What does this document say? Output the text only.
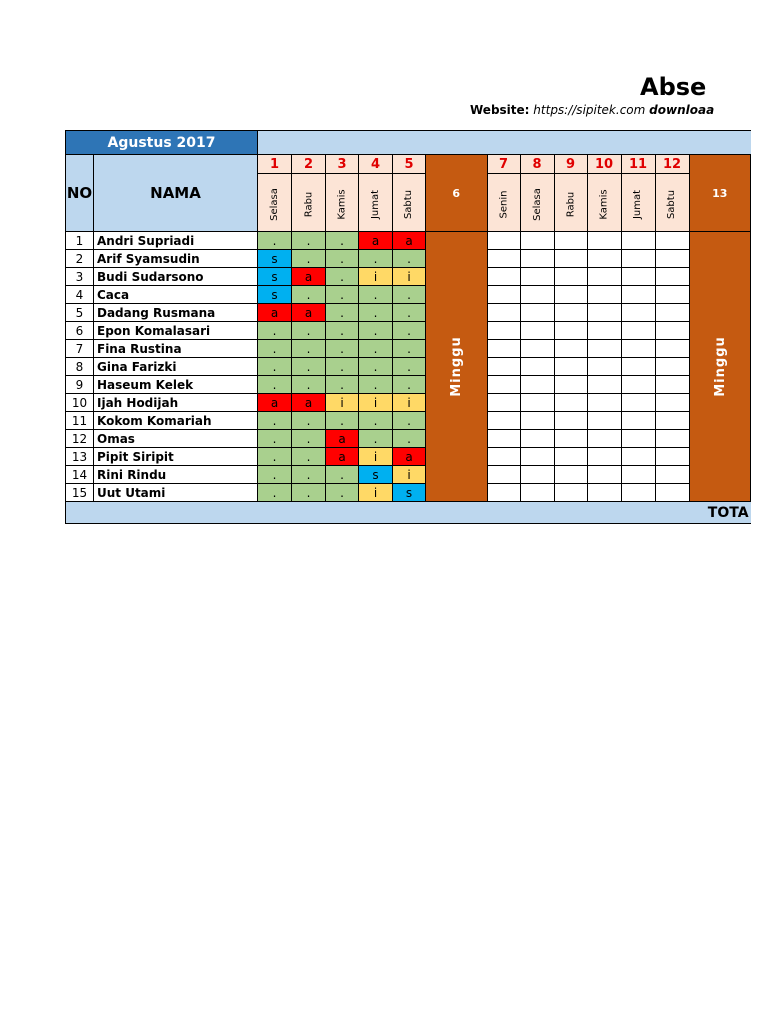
Abse
Website: https://sipitek.com downloaa
Agustus 2017														
NO	NAMA	1	2	3	4	5	6	7	8	9	10	11	12	13
		Selasa	Rabu	Kamis	Jumat	Sabtu		Senin	Selasa	Rabu	Kamis	Jumat	Sabtu	
1	Andri Supriadi	.	.	.	a	a	Minggu							Minggu
2	Arif Syamsudin	s	.	.	.	.								
3	Budi Sudarsono	s	a	.	i	i								
4	Caca	s	.	.	.	.								
5	Dadang Rusmana	a	a	.	.	.								
6	Epon Komalasari	.	.	.	.	.								
7	Fina Rustina	.	.	.	.	.								
8	Gina Farizki	.	.	.	.	.								
9	Haseum Kelek	.	.	.	.	.								
10	Ijah Hodijah	a	a	i	i	i								
11	Kokom Komariah	.	.	.	.	.								
12	Omas	.	.	a	.	.								
13	Pipit Siripit	.	.	a	i	a								
14	Rini Rindu	.	.	.	s	i								
15	Uut Utami	.	.	.	i	s								
TOTA														
